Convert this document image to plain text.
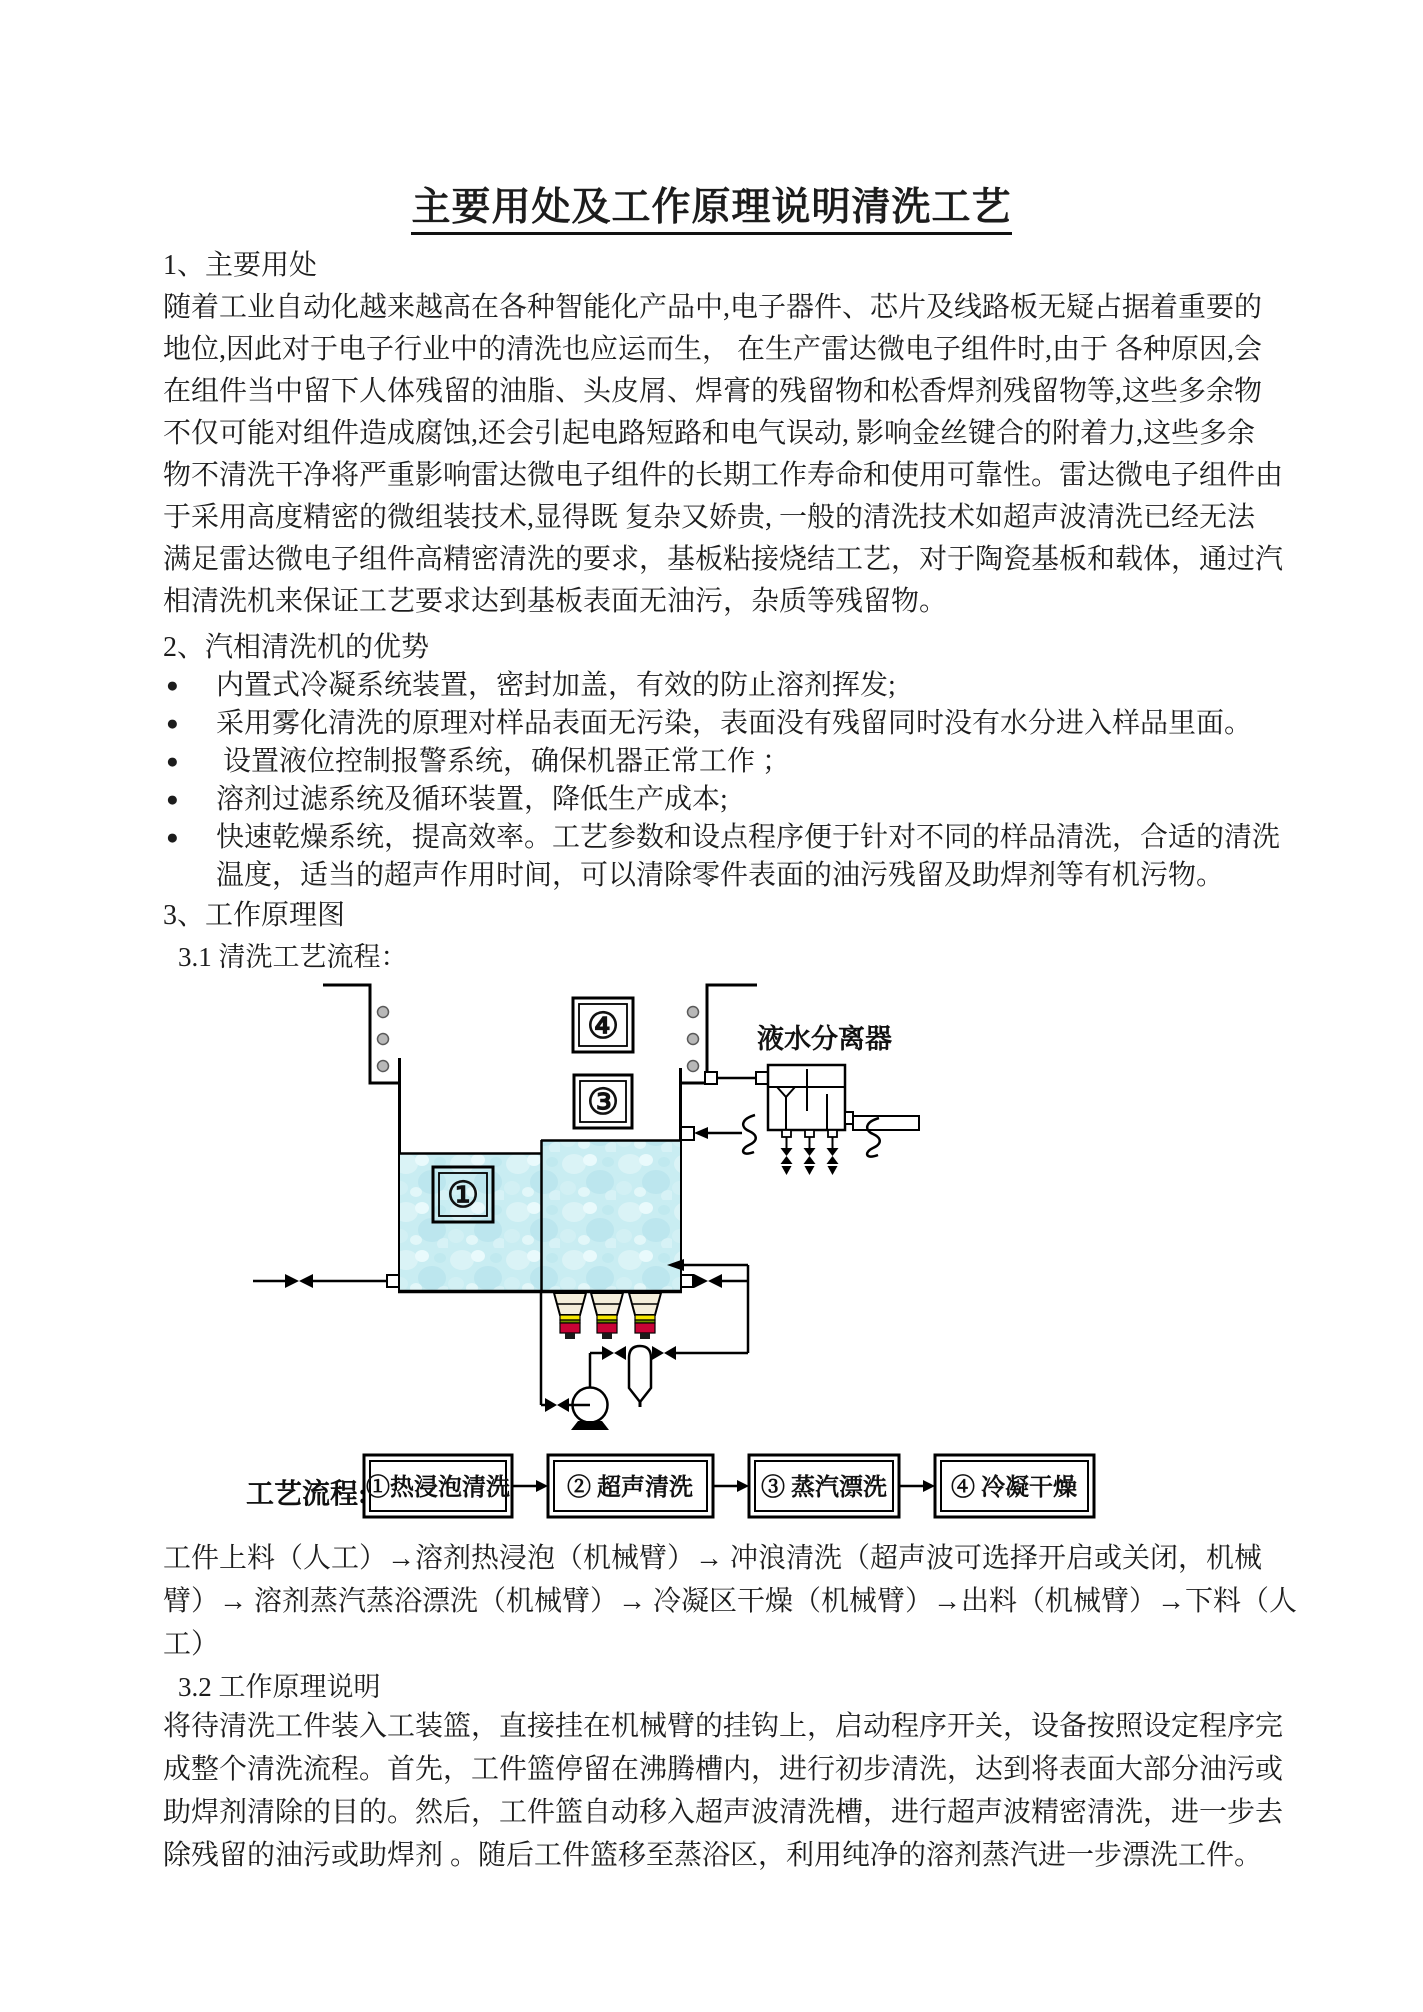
主要用处及工作原理说明清洗工艺
1、主要用处
随着工业自动化越来越高在各种智能化产品中,电子器件、芯片及线路板无疑占据着重要的
地位,因此对于电子行业中的清洗也应运而生， 在生产雷达微电子组件时,由于 各种原因,会
在组件当中留下人体残留的油脂、头皮屑、焊膏的残留物和松香焊剂残留物等,这些多余物
不仅可能对组件造成腐蚀,还会引起电路短路和电气误动, 影响金丝键合的附着力,这些多余
物不清洗干净将严重影响雷达微电子组件的长期工作寿命和使用可靠性。雷达微电子组件由
于采用高度精密的微组装技术,显得既 复杂又娇贵, 一般的清洗技术如超声波清洗已经无法
满足雷达微电子组件高精密清洗的要求，基板粘接烧结工艺，对于陶瓷基板和载体，通过汽
相清洗机来保证工艺要求达到基板表面无油污，杂质等残留物。
2、汽相清洗机的优势
●	内置式冷凝系统装置，密封加盖，有效的防止溶剂挥发;
●	采用雾化清洗的原理对样品表面无污染，表面没有残留同时没有水分进入样品里面。
●	设置液位控制报警系统，确保机器正常工作 ；
●	溶剂过滤系统及循环装置，降低生产成本;
●	快速乾燥系统，提高效率。工艺参数和设点程序便于针对不同的样品清洗，合适的清洗
温度，适当的超声作用时间，可以清除零件表面的油污残留及助焊剂等有机污物。
3、工作原理图
3.1 清洗工艺流程：
①
④
③
液水分离器
工艺流程:
①热浸泡清洗 ② 超声清洗	③ 蒸汽漂洗	④ 冷凝干燥
工件上料（人工）→溶剂热浸泡（机械臂）→ 冲浪清洗（超声波可选择开启或关闭，机械
臂）→ 溶剂蒸汽蒸浴漂洗（机械臂）→ 冷凝区干燥（机械臂）→出料（机械臂）→下料（人
工）
3.2 工作原理说明
将待清洗工件装入工装篮，直接挂在机械臂的挂钩上，启动程序开关，设备按照设定程序完
成整个清洗流程。首先，工件篮停留在沸腾槽内，进行初步清洗，达到将表面大部分油污或
助焊剂清除的目的。然后，工件篮自动移入超声波清洗槽，进行超声波精密清洗，进一步去
除残留的油污或助焊剂 。随后工件篮移至蒸浴区，利用纯净的溶剂蒸汽进一步漂洗工件。
